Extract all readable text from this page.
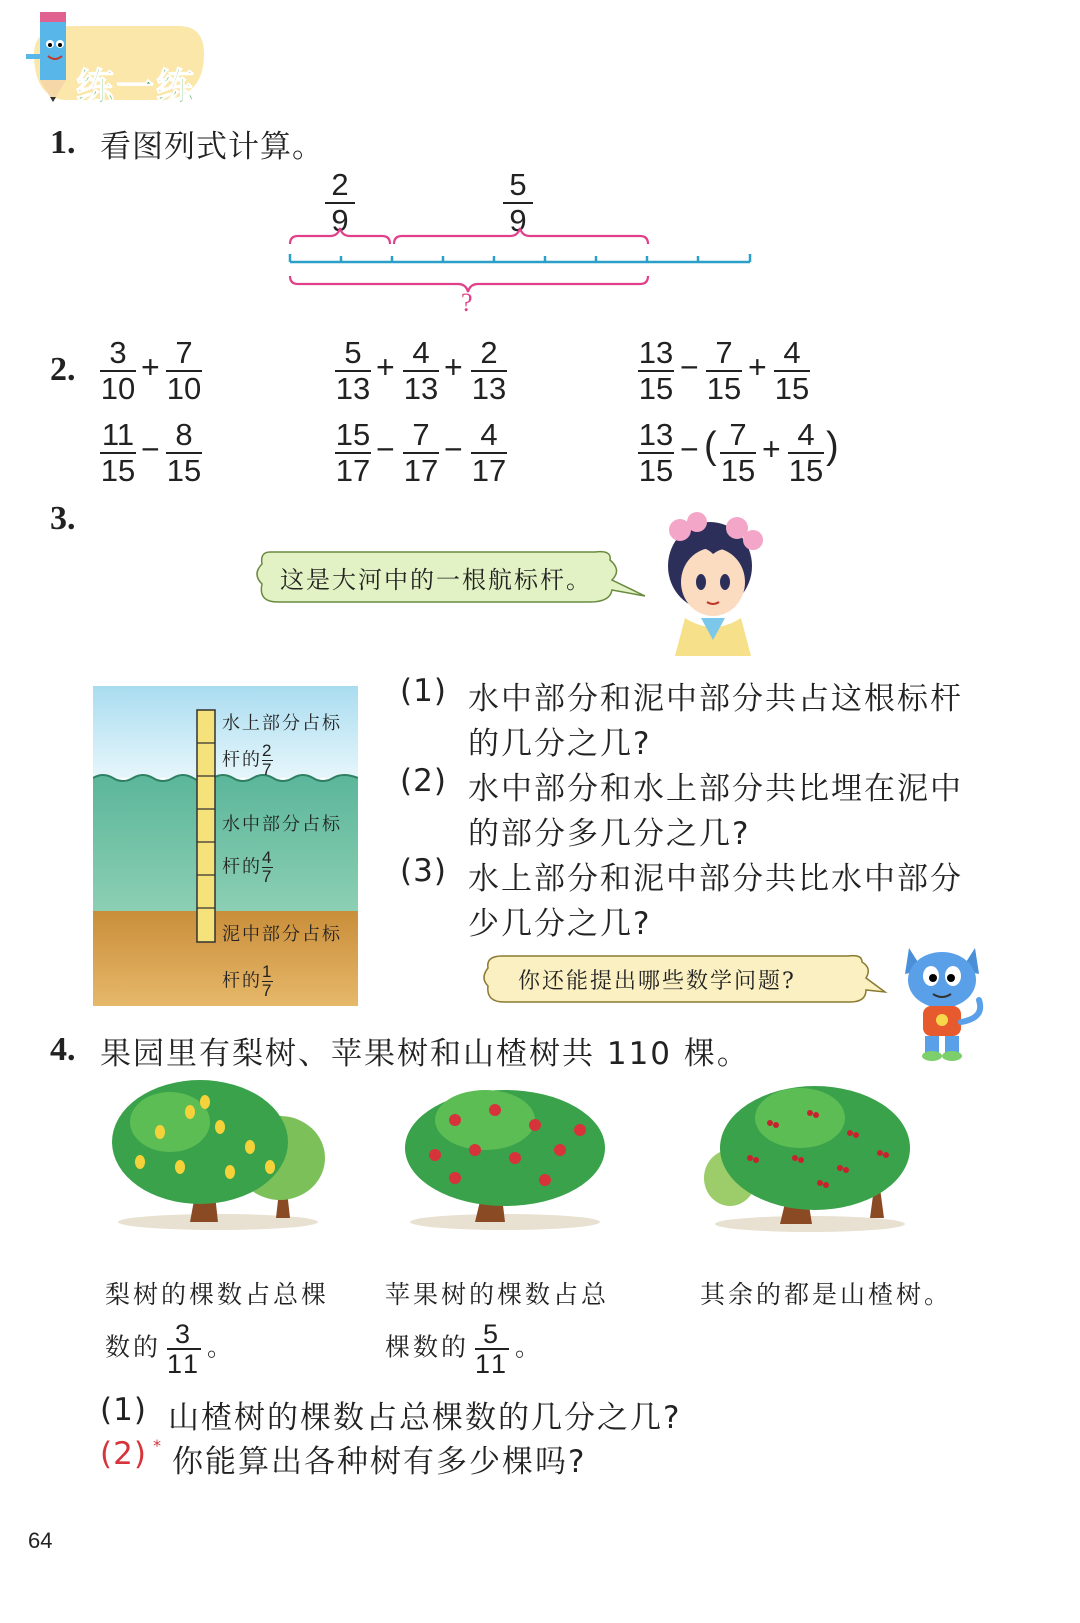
练一练
1. 看图列式计算。
2
9
5
9
?
2. 3
10
+ 7
10
5
13
+ 4
13
+ 2
13
13
15
− 7
15
+ 4
15
11
15
− 8
15
15
17
− 7
17
− 4
17
13
15
− ( 7
15
+ 4
15
)
3.
这是大河中的一根航标杆。
水上部分占标
杆的 $\frac{2}{7}$
水中部分占标
杆的 $\frac{4}{7}$
泥中部分占标
杆的 $\frac{1}{7}$
(1) 水中部分和泥中部分共占这根标杆
的几分之几?
(2) 水中部分和水上部分共比埋在泥中
的部分多几分之几?
(3) 水上部分和泥中部分共比水中部分
少几分之几?
你还能提出哪些数学问题?
4. 果园里有梨树、苹果树和山楂树共 110 棵。
梨树的棵数占总棵
数的 $\frac{3}{11}$ 。
苹果树的棵数占总
棵数的 $\frac{5}{11}$ 。
其余的都是山楂树。
(1) 山楂树的棵数占总棵数的几分之几?
(2) * 你能算出各种树有多少棵吗?
64
